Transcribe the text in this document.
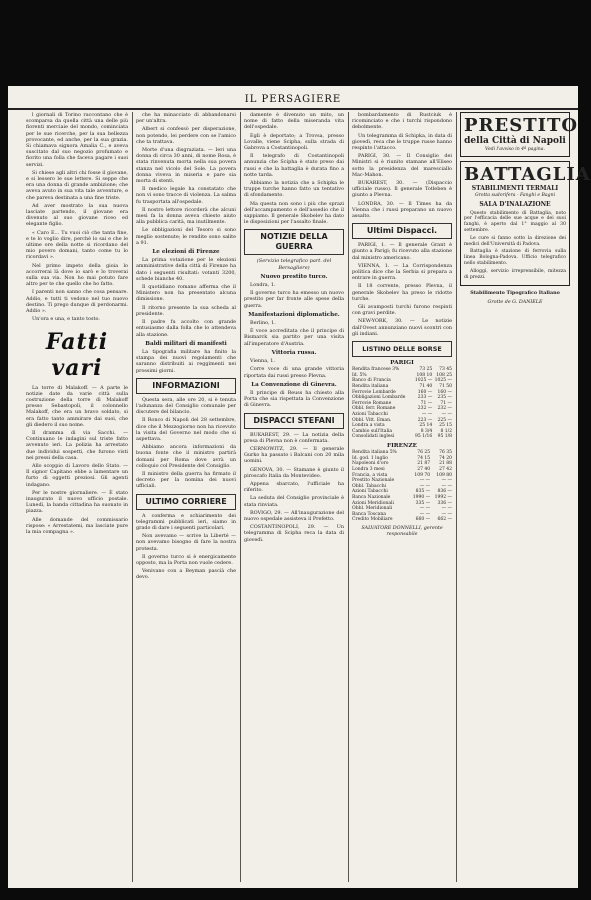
IL PERSAGIERE

l giornali di Torino raccontano che è scomparsa da quella città una delle più fiorenti merciaie del mondo, cominciata per le sue ricerche, per la sua bellezza provocante, ed anche, per la sua grazia. Si chiamava signora Amalia C., e aveva suscitato dal suo negozio profumato e fiorito una folla che faceva pagare i suoi servizi.

Si chiese agli altri chi fosse il giovane, e si lessero le sue lettere. Si seppe che era una donna di grande ambizione; che aveva avuto in sua vita tale avventure, e che pareva destinata a una fine triste.

Ad aver mostrato la sua nuova lasciate partendo, il giovane era divenuto al suo giovane riceo ed elegante figlio.

« Caro E... Tu vuoi ciò che tanta fine, e te lo voglio dire, perchè lo sai e che le ultime ore della notte si ricordano del mio povero domani, tanto come tu lo ricordavi ».

Nel primo impeto della gioia lo accorrerai là dove io sarò e lo troverai sulla sua via. Non ho mai potuto fare altro per te che quello che ho fatto.

I parenti non sanno che cosa pensare. Addio, e tutti ti vedono nel tuo nuovo destino. Ti prego dunque di perdonarmi. Addio ».

Un'ora e una, e tanto tosto.

Fatti vari

La torre di Malakoff. — A parte le notizie date da varie città sulla costruzione della torre di Malakoff presso Sebastopoli, il colonnello Malakoff, che era un bravo soldato, si era fatto tanto ammirare dai suoi, che gli diedero il suo nome.

Il dramma di via Sacchi. — Continuano le indagini sul triste fatto avvenuto ieri. La polizia ha arrestato due individui sospetti, che furono visti nei pressi della casa.

Allo scoppio di Lavoro dello Stato. — Il signor Capitano ebbe a lamentare un furto di oggetti preziosi. Gli agenti indagano.

Per le nostre giornaliere. — È stato inaugurato il nuovo ufficio postale. Lunedì, la banda cittadina ha suonato in piazza.

Alle domande del commissario rispose: « Arrestatemi, ma lasciate pure la mia compagna ».

che ha minacciato di abbandonarsi per un'altra.

Albert si confessò per disperazione, non potendo, lei perdere con se l'amico che ta trattava.

Morte d'una disgraziata. — Ieri una donna di circa 30 anni, di nome Rosa, è stata rinvenuta morta nella sua povera stanza nel vicolo del Sole. La povera donna viveva in miseria e pare sia morta di stenti.

Il medico legale ha constatato che non vi sono tracce di violenza. La salma fu trasportata all'ospedale.

Il nostro lettore ricorderà che alcuni mesi fa la donna aveva chiesto aiuto alla pubblica carità, ma inutilmente.

Le obbligazioni del Tesoro si sono meglio sostenute; le rendite sono salite a 91.

Le elezioni di Firenze

La prima votazione per le elezioni amministrative della città di Firenze ha dato i seguenti risultati: votanti 3200, schede bianche 40.

Il quotidiano romano afferma che il Ministero non ha presentato alcuna dimissione.

Il ritorno presente la sua scheda al presidente.

Il padre fu accolto con grande entusiasmo dalla folla che lo attendeva alla stazione.

Baldi militari di manifesti

La tipografia militare ha finito la stampa dei nuovi regolamenti che saranno distribuiti ai reggimenti nei prossimi giorni.

INFORMAZIONI

Questa sera, alle ore 20, si è tenuta l'adunanza del Consiglio comunale per discutere del bilancio.

Il Ronco di Napoli del 28 settembre, dice che il Mezzogiorno non ha ricevuto la visita del Governo nel modo che si aspettava.

Abbiamo ancora informazioni da buona fonte che il ministro partirà domani per Roma dove avrà un colloquio col Presidente del Consiglio.

Il ministro della guerra ha firmato il decreto per la nomina dei nuovi ufficiali.

ULTIMO CORRIERE

A conferma e schiarimento dei telegrammi pubblicati ieri, siamo in grado di dare i seguenti particolari.

Non avevamo — scrive la Liberté — non avevamo bisogno di fare la nostra protesta.

Il governo turco si è energicamente opposto, ma la Porta non vuole cedere.

Venivano con a Beyman pascià che devo.

damente è divenuto un mito, un nome di fatto della miseranda vita dell'ospedale.

Egli è deportato; a Trovsa, presso Lovalle, viene Scipha, sulla strada di Gabrova a Costantinopoli.

Il telegrafo di Costantinopoli annunzia che Scipha è stato preso dai russi e che la battaglia è durata fino a notte tarda.

Abbiamo la notizia che a Schipka le truppe turche hanno fatto un tentativo di sfondamento.

Ma questa non sono i più che sprazi dell'accampamento e dell'assedio che il sappiamo. Il generale Skobelev ha dato le disposizioni per l'assalto finale.

NOTIZIE DELLA GUERRA
(Servizio telegrafico part. del Bersagliere)
Nuovo prestito turco.

Londra, 1.

Il governo turco ha emesso un nuovo prestito per far fronte alle spese della guerra.

Manifestazioni diplomatiche.

Berlino, 1.

È voce accreditata che il principe di Bismarck sia partito per una visita all'imperatore d'Austria.

Vittoria russa.

Vienna, 1.

Corre voce di una grande vittoria riportata dai russi presso Plevna.

La Convenzione di Ginevra.

Il principe di Reuss ha chiesto alla Porta che sia rispettata la Convenzione di Ginevra.

DISPACCI STEFANI

BUKAREST, 29. — La notizia della presa di Plevna non è confermata.

CERNOWITZ, 29. — Il generale Gurko ha passato i Balcani con 20 mila uomini.

GENOVA, 30. — Stamane è giunto il piroscafo Italia da Montevideo.

Appena sbarcato, l'ufficiale ha riferito.

La seduta del Consiglio provinciale è stata rinviata.

ROVIGO, 29. — All'inaugurazione del nuovo ospedale assisteva il Prefetto.

COSTANTINOPOLI, 29. — Un telegramma di Scipha reca la data di giovedì.

bombardamento di Rustciuk è ricominciato e che i turchi rispondono debolmente.

Un telegramma di Schipka, in data di giovedì, reca che le truppe russe hanno respinto l'attacco.

PARIGI, 30. — Il Consiglio dei Ministri si è riunito stamane all'Eliseo sotto la presidenza del maresciallo Mac-Mahon.

BUKAREST, 30. — (Dispaccio ufficiale russo). Il generale Totleben è giunto a Plevna.

LONDRA, 30. — Il Times ha da Vienna che i russi preparano un nuovo assalto.

Ultimi Dispacci.

PARIGI, 1. — Il generale Grant è giunto a Parigi; fu ricevuto alla stazione dal ministro americano.

VIENNA, 1. — La Corrispondenza politica dice che la Serbia si prepara a entrare in guerra.

Il 18 corrente, presso Plevna, il generale Skobelev ha preso le ridotte turche.

Gli avamposti turchi furono respinti con gravi perdite.

NEW-YORK, 30. — Le notizie dall'Ovest annunziano nuovi scontri con gli indiani.

LISTINO DELLE BORSE
PARIGI
Rendita francese 3%	73 25	73 45
Id. 5%	108 10	108 25
Banco di Francia	1025 —	1025 —
Rendita italiana	71 40	71 50
Ferrovie Lombarde	160 —	160 —
Obbligazioni Lombarde	233 —	235 —
Ferrovie Romane	71 —	71 —
Obbl. ferr. Romane	232 —	232 —
Azioni Tabacchi	— —	— —
Obbl. Vitt. Eman.	223 —	225 —
Londra a vista	25 14	25 15
Cambio sull'Italia	8 3/4	8 1/2
Consolidati inglesi	95 1/16	95 1/8
FIRENZE
Rendita italiana 5%	76 25	76 35
Id. god. 1 luglio	74 15	74 20
Napoleoni d'oro	21 87	21 88
Londra 3 mesi	27 40	27 42
Francia, a vista	109 70	109 80
Prestito Nazionale	— —	— —
Obbl. Tabacchi	— —	— —
Azioni Tabacchi	835 —	836 —
Banca Nazionale	1990 —	1992 —
Azioni Meridionali	335 —	336 —
Obbl. Meridionali	— —	— —
Banca Toscana	— —	— —
Credito Mobiliare	660 —	662 —
SALVATORE DONNELLI, gerente responsabile
PRESTITO
della Città di Napoli
Vedi l'avviso in 4ª pagina.
BATTAGLIA
STABILIMENTI TERMALI
Grotta sudorifera - Fanghi e Bagni
SALA D'INALAZIONE

Questo stabilimento di Battaglia, noto per l'efficacia delle sue acque e dei suoi fanghi, è aperto dal 1° maggio al 30 settembre.

Le cure si fanno sotto la direzione dei medici dell'Università di Padova.

Battaglia è stazione di ferrovia sulla linea Bologna-Padova. Ufficio telegrafico nello stabilimento.

Alloggi, servizio irreprensibile, mitezza di prezzi.

Stabilimento Tipografico Italiano
Grotte de G. DANIELE
